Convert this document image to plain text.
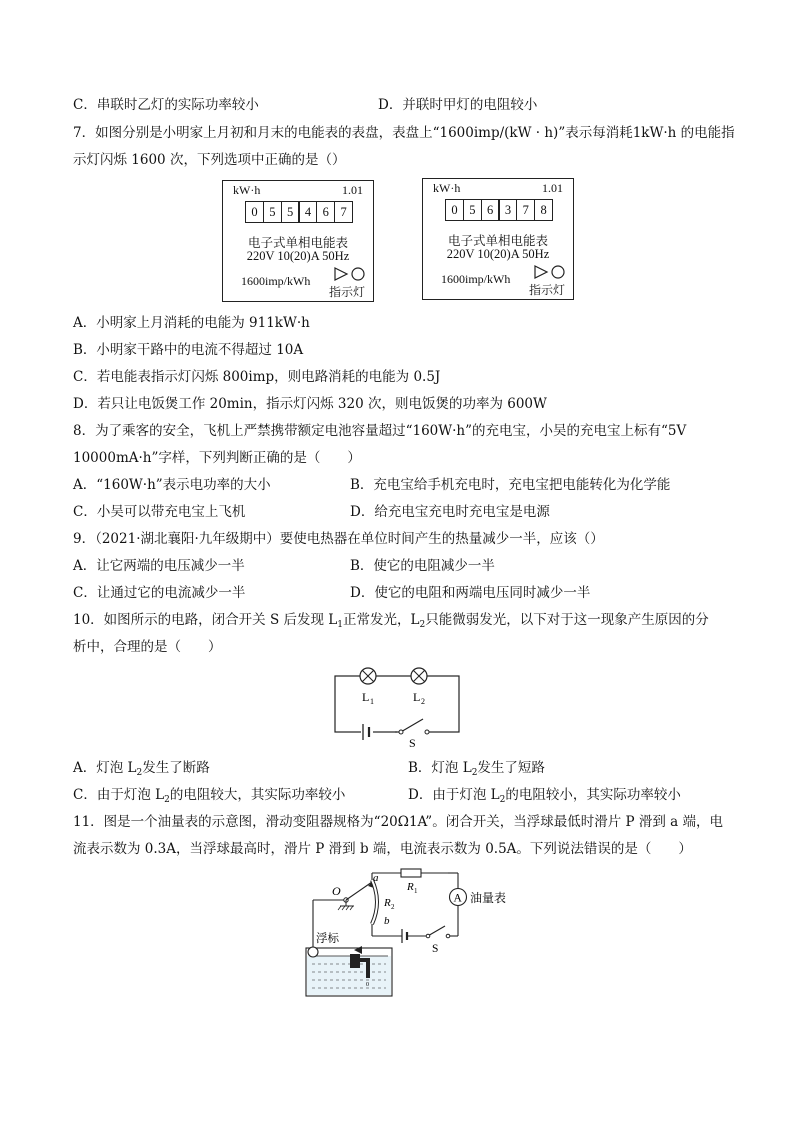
C．串联时乙灯的实际功率较小	D．并联时甲灯的电阻较小
7．如图分别是小明家上月初和月末的电能表的表盘，表盘上“1600imp/(kW · h)”表示每消耗1kW·h 的电能指
示灯闪烁 1600 次，下列选项中正确的是（）
kW·h	1.01
0 5 5 4 6 7
电子式单相电能表
220V 10(20)A 50Hz
1600imp/kWh
指示灯
kW·h	1.01
0 5 6 3 7 8
电子式单相电能表
220V 10(20)A 50Hz
1600imp/kWh
指示灯
A．小明家上月消耗的电能为 911kW·h
B．小明家干路中的电流不得超过 10A
C．若电能表指示灯闪烁 800imp，则电路消耗的电能为 0.5J
D．若只让电饭煲工作 20min，指示灯闪烁 320 次，则电饭煲的功率为 600W
8．为了乘客的安全，飞机上严禁携带额定电池容量超过“160W·h”的充电宝，小吴的充电宝上标有“5V
10000mA·h”字样，下列判断正确的是（　　）
A．“160W·h”表示电功率的大小	B．充电宝给手机充电时，充电宝把电能转化为化学能
C．小吴可以带充电宝上飞机	D．给充电宝充电时充电宝是电源
9．（2021·湖北襄阳·九年级期中）要使电热器在单位时间产生的热量减少一半，应该（）
A．让它两端的电压减少一半	B．使它的电阻减少一半
C．让通过它的电流减少一半	D．使它的电阻和两端电压同时减少一半
10．如图所示的电路，闭合开关 S 后发现 $L_1$正常发光，$L_2$只能微弱发光，以下对于这一现象产生原因的分
析中，合理的是（　　）
L 1	L 2
S
A．灯泡 $L_2$发生了断路	B．灯泡 $L_2$发生了短路
C．由于灯泡 $L_2$的电阻较大，其实际功率较小	D．由于灯泡 $L_2$的电阻较小，其实际功率较小
11．图是一个油量表的示意图，滑动变阻器规格为“20Ω1A”。闭合开关，当浮球最低时滑片 P 滑到 a 端，电
流表示数为 0.3A，当浮球最高时，滑片 P 滑到 b 端，电流表示数为 0.5A。下列说法错误的是（　　）
0
浮标
O
a
R 2
b
R 1
A 油量表
S
